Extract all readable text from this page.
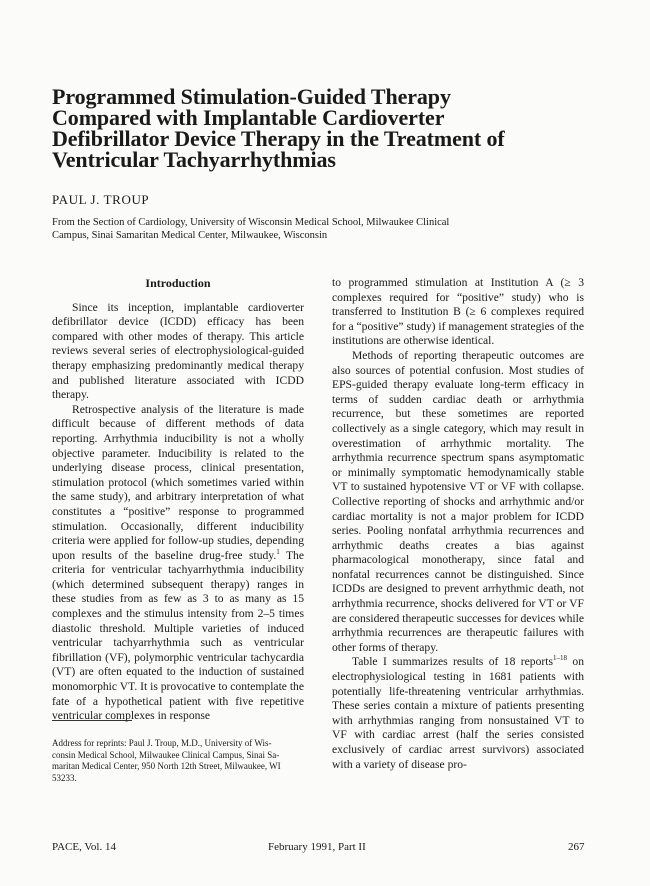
Programmed Stimulation-Guided Therapy
Compared with Implantable Cardioverter
Defibrillator Device Therapy in the Treatment of
Ventricular Tachyarrhythmias
PAUL J. TROUP
From the Section of Cardiology, University of Wisconsin Medical School, Milwaukee Clinical
Campus, Sinai Samaritan Medical Center, Milwaukee, Wisconsin
Introduction

Since its inception, implantable cardioverter defibrillator device (ICDD) efficacy has been compared with other modes of therapy. This article reviews several series of electrophysiological-guided therapy emphasizing predominantly medical therapy and published literature associated with ICDD therapy.

Retrospective analysis of the literature is made difficult because of different methods of data reporting. Arrhythmia inducibility is not a wholly objective parameter. Inducibility is related to the underlying disease process, clinical presentation, stimulation protocol (which sometimes varied within the same study), and arbitrary interpretation of what constitutes a “positive” response to programmed stimulation. Occasionally, different inducibility criteria were applied for follow-up studies, depending upon results of the baseline drug-free study.$^1$ The criteria for ventricular tachyarrhythmia inducibility (which determined subsequent therapy) ranges in these studies from as few as 3 to as many as 15 complexes and the stimulus intensity from 2–5 times diastolic threshold. Multiple varieties of induced ventricular tachyarrhythmia such as ventricular fibrillation (VF), polymorphic ventricular tachycardia (VT) are often equated to the induction of sustained monomorphic VT. It is provocative to contemplate the fate of a hypothetical patient with five repetitive ventricular complexes in response

to programmed stimulation at Institution A (≥ 3 complexes required for “positive” study) who is transferred to Institution B (≥ 6 complexes required for a “positive” study) if management strategies of the institutions are otherwise identical.

Methods of reporting therapeutic outcomes are also sources of potential confusion. Most studies of EPS-guided therapy evaluate long-term efficacy in terms of sudden cardiac death or arrhythmia recurrence, but these sometimes are reported collectively as a single category, which may result in overestimation of arrhythmic mortality. The arrhythmia recurrence spectrum spans asymptomatic or minimally symptomatic hemodynamically stable VT to sustained hypotensive VT or VF with collapse. Collective reporting of shocks and arrhythmic and/or cardiac mortality is not a major problem for ICDD series. Pooling nonfatal arrhythmia recurrences and arrhythmic deaths creates a bias against pharmacological monotherapy, since fatal and nonfatal recurrences cannot be distinguished. Since ICDDs are designed to prevent arrhythmic death, not arrhythmia recurrence, shocks delivered for VT or VF are considered therapeutic successes for devices while arrhythmia recurrences are therapeutic failures with other forms of therapy.

Table I summarizes results of 18 reports$^{1-18}$ on electrophysiological testing in 1681 patients with potentially life-threatening ventricular arrhythmias. These series contain a mixture of patients presenting with arrhythmias ranging from nonsustained VT to VF with cardiac arrest (half the series consisted exclusively of cardiac arrest survivors) associated with a variety of disease pro-

Address for reprints: Paul J. Troup, M.D., University of Wis-
consin Medical School, Milwaukee Clinical Campus, Sinai Sa-
maritan Medical Center, 950 North 12th Street, Milwaukee, WI
53233.
PACE, Vol. 14	February 1991, Part II	267
